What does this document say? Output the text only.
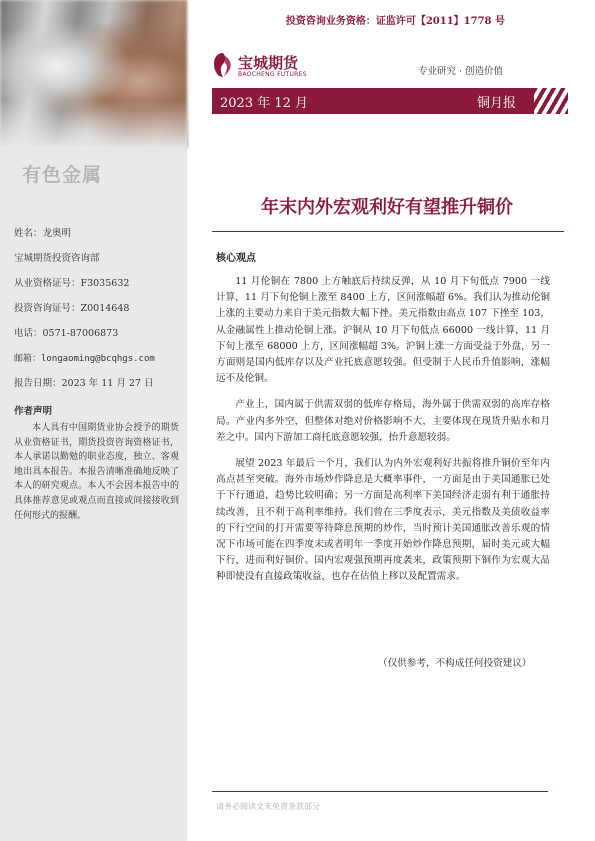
有色金属
姓名：龙奥明
宝城期货投资咨询部
从业资格证号：F3035632
投资咨询证号：Z0014648
电话：0571-87006873
邮箱：longaoming@bcqhgs.com
报告日期：2023 年 11 月 27 日
作者声明
本人具有中国期货业协会授予的期货从业资格证书，期货投资咨询资格证书，本人承诺以勤勉的职业态度，独立、客观地出具本报告。本报告清晰准确地反映了本人的研究观点。本人不会因本报告中的具体推荐意见或观点而直接或间接接收到任何形式的报酬。
投资咨询业务资格：证监许可【2011】1778 号
宝城期货
BAOCHENG FUTURES	专业研究 · 创造价值
2023 年 12 月	铜月报
年末内外宏观利好有望推升铜价
核心观点

11 月伦铜在 7800 上方触底后持续反弹，从 10 月下旬低点 7900 一线计算，11 月下旬伦铜上涨至 8400 上方，区间涨幅超 6%。我们认为推动伦铜上涨的主要动力来自于美元指数大幅下挫。美元指数由高点 107 下挫至 103，从金融属性上推动伦铜上涨。沪铜从 10 月下旬低点 66000 一线计算，11 月下旬上涨至 68000 上方，区间涨幅超 3%。沪铜上涨一方面受益于外盘，另一方面则是国内低库存以及产业托底意愿较强。但受制于人民币升值影响，涨幅远不及伦铜。

产业上，国内属于供需双弱的低库存格局，海外属于供需双弱的高库存格局。产业内多外空，但整体对绝对价格影响不大，主要体现在现货升贴水和月差之中。国内下游加工商托底意愿较强，抬升意愿较弱。

展望 2023 年最后一个月，我们认为内外宏观利好共振将推升铜价至年内高点甚至突破。海外市场炒作降息是大概率事件，一方面是由于美国通胀已处于下行通道，趋势比较明确；另一方面是高利率下美国经济走弱有利于通胀持续改善，且不利于高利率维持。我们曾在三季度表示，美元指数及美债收益率的下行空间的打开需要等待降息预期的炒作，当时预计美国通胀改善乐观的情况下市场可能在四季度末或者明年一季度开始炒作降息预期，届时美元或大幅下行，进而利好铜价。国内宏观强预期再度袭来，政策预期下铜作为宏观大品种即使没有直接政策收益，也存在估值上移以及配置需求。

（仅供参考，不构成任何投资建议）
请务必阅读文末免责条款部分
